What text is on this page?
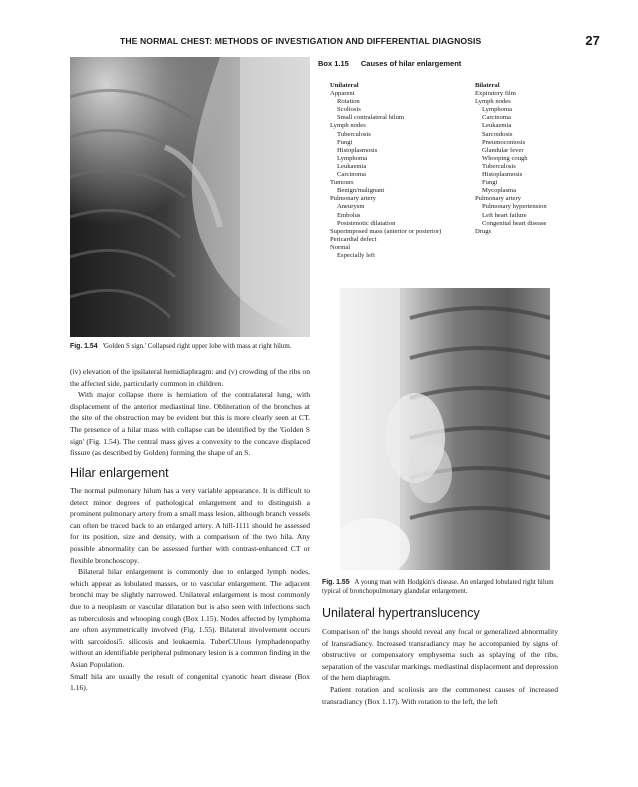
THE NORMAL CHEST: METHODS OF INVESTIGATION AND DIFFERENTIAL DIAGNOSIS	27
Fig. 1.54 'Golden S sign.' Collapsed right upper lobe with mass at right hilum.
Box 1.15 Causes of hilar enlargement
Unilateral
Apparent
Rotation
Scoliosis
Small contralateral hilum
Lymph nodes
Tuberculosis
Fungi
Histoplasmosis
Lymphoma
Leukaemia
Carcinoma
Tumours
Benign/malignant
Pulmonary artery
Aneurysm
Embolus
Poststenotic dilatation
Superimposed mass (anterior or posterior)
Pericardial defect
Normal
Especially left
Bilateral
Expiratory film
Lymph nodes
Lymphoma
Carcinoma
Leukaemia
Sarcoidosis
Pneumoconiosis
Glandular fever
Whooping cough
Tuberculosis
Histoplasmosis
Fungi
Mycoplasma
Pulmonary artery
Pulmonary hypertension
Left heart failure
Congenital heart disease
Drugs
Fig. 1.55 A young man with Hodgkin's disease. An enlarged lobulated right hilum typical of bronchopulmonary glandular enlargement.

(iv) elevation of the ipsilateral hemidiaphragm: and (v) crowding of the ribs on the affected side, particularly common in children.

With major collapse there is herniation of the contralateral lung, with displacement of the anterior mediastinal line. Obliteration of the bronchus at the site of the obstruction may be evident but this is more clearly seen at CT. The presence of a hilar mass with collapse can be identified by the 'Golden S sign' (Fig. 1.54). The central mass gives a convexity to the concave displaced fissure (as described by Golden) forming the shape of an S.

Hilar enlargement

The normal pulmonary hilum has a very variable appearance. It is difficult to detect minor degrees of pathological enlargement and to distinguish a prominent pulmonary artery from a small mass lesion, although branch vessels can often be traced back to an enlarged artery. A hill-1111 should he assessed for its position, size and density, with a comparison of the two hila. Any possible abnormality can be assessed further with contrast-enhanced CT or flexible bronchoscopy.

Bilateral hilar enlargement is commonly due to enlarged lymph nodes, which appear as lobulated masses, or to vascular enlargement. The adjacent bronchi may be slightly narrowed. Unilateral enlargement is most commonly due to a neoplasm or vascular dilatation but is also seen with infections such as tuberculosis and whooping cough (Box 1.15). Nodes affected by lymphoma are often asymmetrically involved (Fig. 1.55). Bilateral involvement occurs with sarcoidosi5. silicosis and leukaemia. TuberCUlous lymphadenopathy without an identifiable peripheral pulmonary lesion is a common finding in the Asian Population.

Small hila are usually the result of congenital cyanotic heart disease (Box 1.16).

Unilateral hypertranslucency

Comparison of' the lungs should reveal any focal or generalized abnormality of lransradiancy. Increased transradiancy may he accompanied by signs of obstructive or compensatory emphysema such as splaying of the ribs, separation of the vascular markings. mediastinal displacement and depression of the hem diaphragm.

Patient rotation and scoliosis are the commonest causes of increased transradiancy (Box 1.17). With rotation to the left, the left
